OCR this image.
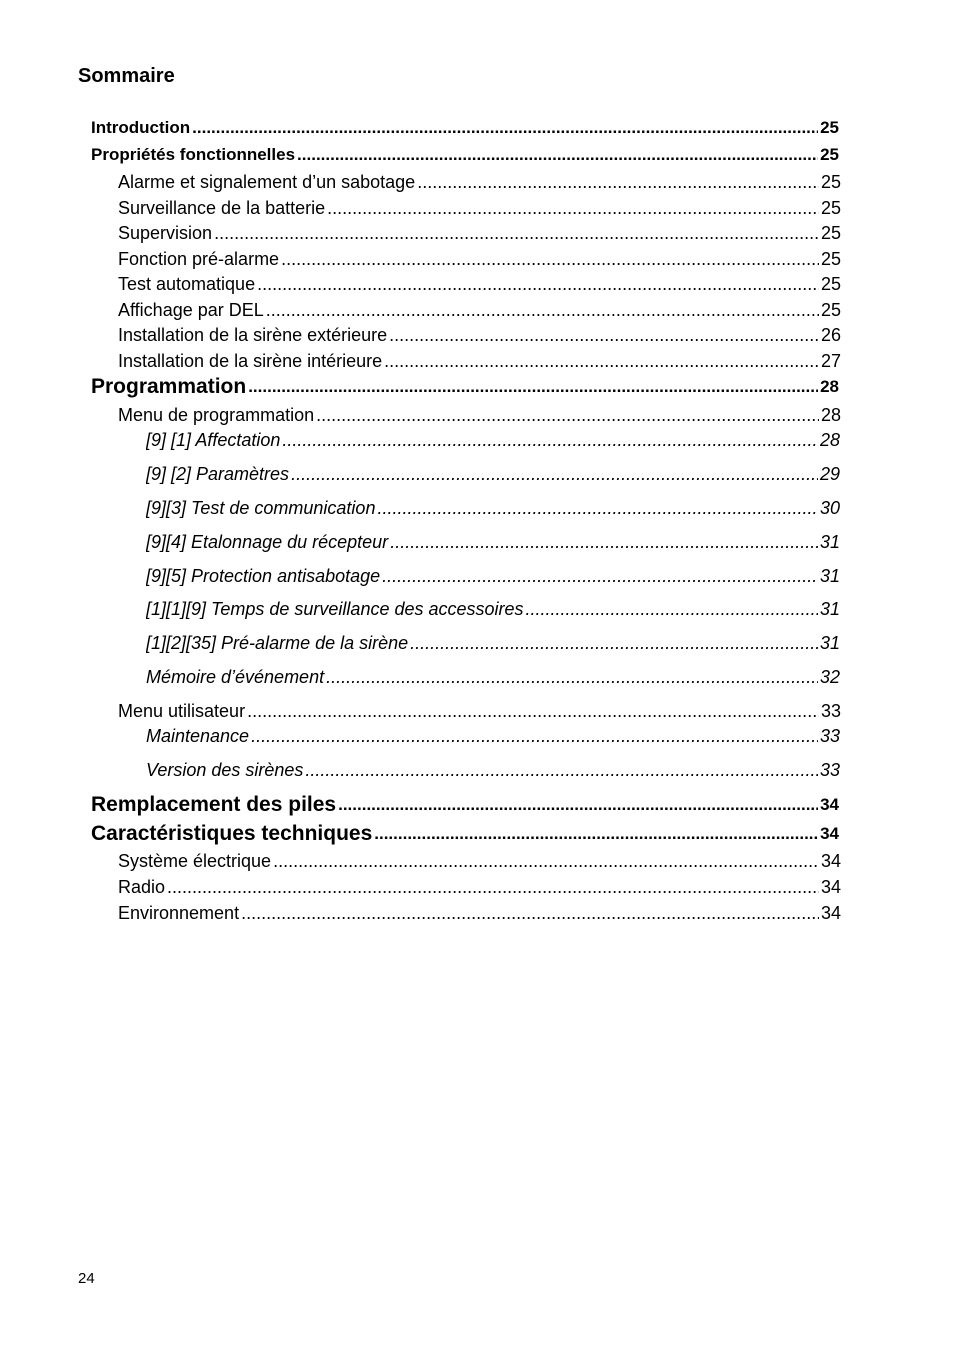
Sommaire
Introduction .....	25
Propriétés fonctionnelles .....	25
Alarme et signalement d’un sabotage .....	25
Surveillance de la batterie .....	25
Supervision .....	25
Fonction pré-alarme .....	25
Test automatique .....	25
Affichage par DEL .....	25
Installation de la sirène extérieure .....	26
Installation de la sirène intérieure .....	27
Programmation .....	28
Menu de programmation .....	28
[9] [1] Affectation .....	28
[9] [2] Paramètres .....	29
[9][3] Test de communication .....	30
[9][4] Etalonnage du récepteur .....	31
[9][5] Protection antisabotage .....	31
[1][1][9] Temps de surveillance des accessoires .....	31
[1][2][35] Pré-alarme de la sirène .....	31
Mémoire d’événement .....	32
Menu utilisateur .....	33
Maintenance .....	33
Version des sirènes .....	33
Remplacement des piles .....	34
Caractéristiques techniques .....	34
Système électrique .....	34
Radio .....	34
Environnement .....	34
24
